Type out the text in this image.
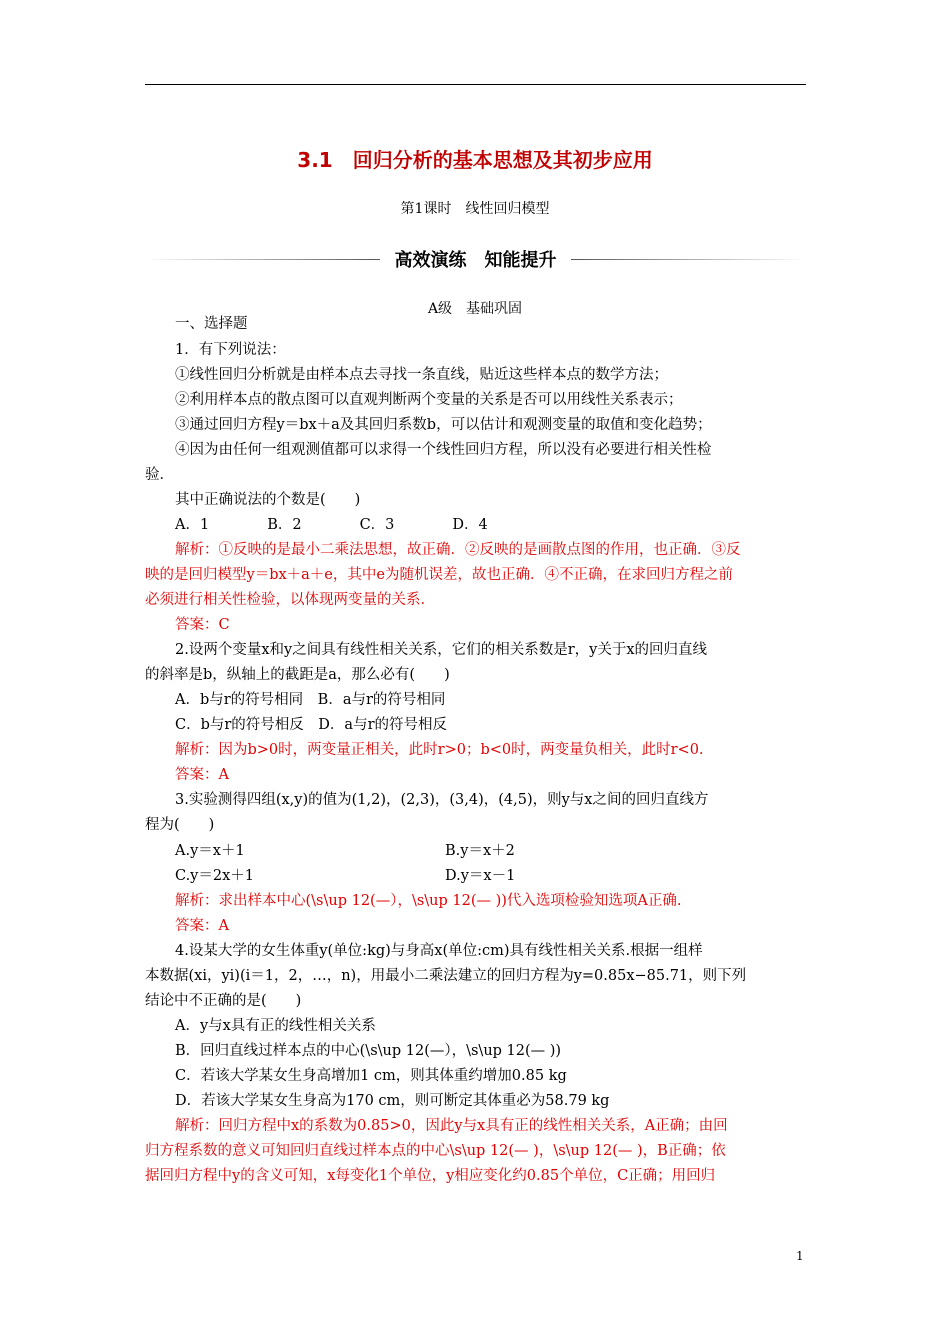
3.1　回归分析的基本思想及其初步应用
第1课时　线性回归模型
高效演练　知能提升
A级　基础巩固
一、选择题
1．有下列说法：
①线性回归分析就是由样本点去寻找一条直线，贴近这些样本点的数学方法；
②利用样本点的散点图可以直观判断两个变量的关系是否可以用线性关系表示；
③通过回归方程y＝bx＋a及其回归系数b，可以估计和观测变量的取值和变化趋势；
④因为由任何一组观测值都可以求得一个线性回归方程，所以没有必要进行相关性检
验．
其中正确说法的个数是(　　)
A．1　　　　B．2　　　　C．3　　　　D．4
解析：①反映的是最小二乘法思想，故正确．②反映的是画散点图的作用，也正确．③反
映的是回归模型y＝bx＋a＋e，其中e为随机误差，故也正确．④不正确，在求回归方程之前
必须进行相关性检验，以体现两变量的关系．
答案：C
2.设两个变量x和y之间具有线性相关关系，它们的相关系数是r，y关于x的回归直线
的斜率是b，纵轴上的截距是a，那么必有(　　)
A．b与r的符号相同　B．a与r的符号相同
C．b与r的符号相反　D．a与r的符号相反
解析：因为b>0时，两变量正相关，此时r>0；b<0时，两变量负相关，此时r<0.
答案：A
3.实验测得四组(x,y)的值为(1,2)，(2,3)，(3,4)，(4,5)，则y与x之间的回归直线方
程为(　　)
A.y＝x＋1	B.y＝x＋2
C.y＝2x＋1	D.y＝x－1
解析：求出样本中心(\s\up 12(—），\s\up 12(— ))代入选项检验知选项A正确.
答案：A
4.设某大学的女生体重y(单位:kg)与身高x(单位:cm)具有线性相关关系.根据一组样
本数据(xi，yi)(i＝1，2，…，n)，用最小二乘法建立的回归方程为y=0.85x−85.71，则下列
结论中不正确的是(　　)
A．y与x具有正的线性相关关系
B．回归直线过样本点的中心(\s\up 12(—），\s\up 12(— ))
C．若该大学某女生身高增加1 cm，则其体重约增加0.85 kg
D．若该大学某女生身高为170 cm，则可断定其体重必为58.79 kg
解析：回归方程中x的系数为0.85>0，因此y与x具有正的线性相关关系，A正确；由回
归方程系数的意义可知回归直线过样本点的中心\s\up 12(— )，\s\up 12(— )，B正确；依
据回归方程中y的含义可知，x每变化1个单位，y相应变化约0.85个单位，C正确；用回归
1
